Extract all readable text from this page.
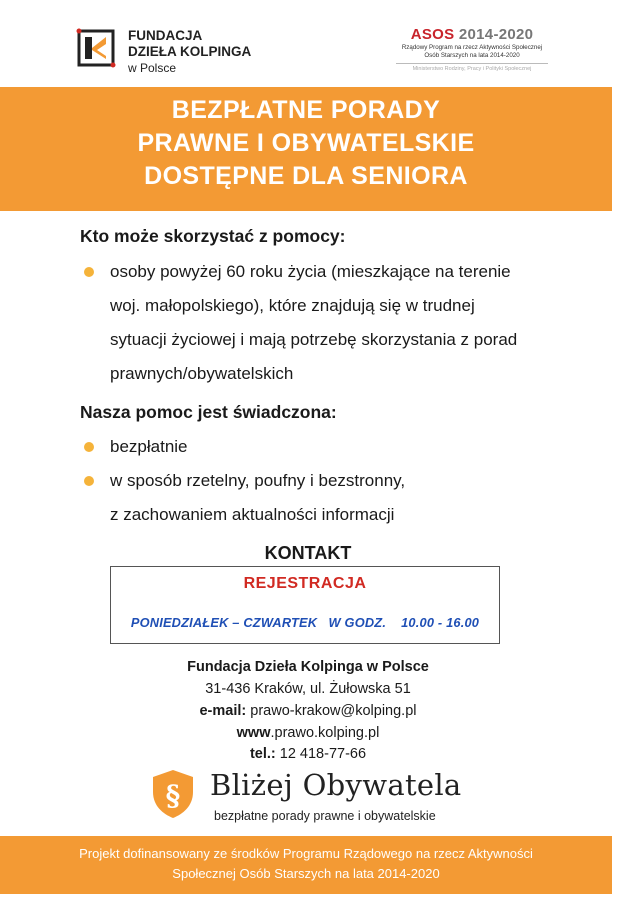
FUNDACJA
DZIEŁA KOLPINGA
w Polsce
ASOS 2014-2020
Rządowy Program na rzecz Aktywności Społecznej
Osób Starszych na lata 2014-2020
Ministerstwo Rodziny, Pracy i Polityki Społecznej
BEZPŁATNE PORADY
PRAWNE I OBYWATELSKIE
DOSTĘPNE DLA SENIORA
Kto może skorzystać z pomocy:
osoby powyżej 60 roku życia (mieszkające na terenie
woj. małopolskiego), które znajdują się w trudnej
sytuacji życiowej i mają potrzebę skorzystania z porad
prawnych/obywatelskich
Nasza pomoc jest świadczona:
bezpłatnie
w sposób rzetelny, poufny i bezstronny,
z zachowaniem aktualności informacji
KONTAKT
REJESTRACJA
PONIEDZIAŁEK – CZWARTEK W GODZ. 10.00 - 16.00
Fundacja Dzieła Kolpinga w Polsce
31-436 Kraków, ul. Żułowska 51
e-mail: prawo-krakow@kolping.pl
www.prawo.kolping.pl
tel.: 12 418-77-66
§ Bliżej Obywatela
bezpłatne porady prawne i obywatelskie
Projekt dofinansowany ze środków Programu Rządowego na rzecz Aktywności
Społecznej Osób Starszych na lata 2014-2020
